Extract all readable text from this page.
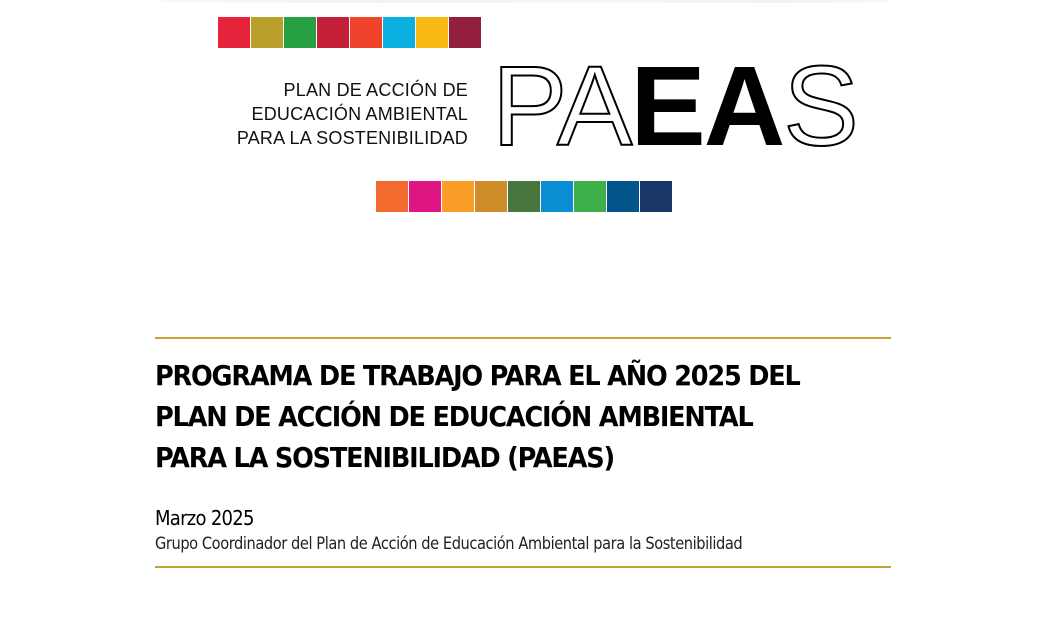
PLAN DE ACCIÓN DE
EDUCACIÓN AMBIENTAL
PARA LA SOSTENIBILIDAD PAEAS
PROGRAMA DE TRABAJO PARA EL AÑO 2025 DEL
PLAN DE ACCIÓN DE EDUCACIÓN AMBIENTAL
PARA LA SOSTENIBILIDAD (PAEAS)
Marzo 2025
Grupo Coordinador del Plan de Acción de Educación Ambiental para la Sostenibilidad
